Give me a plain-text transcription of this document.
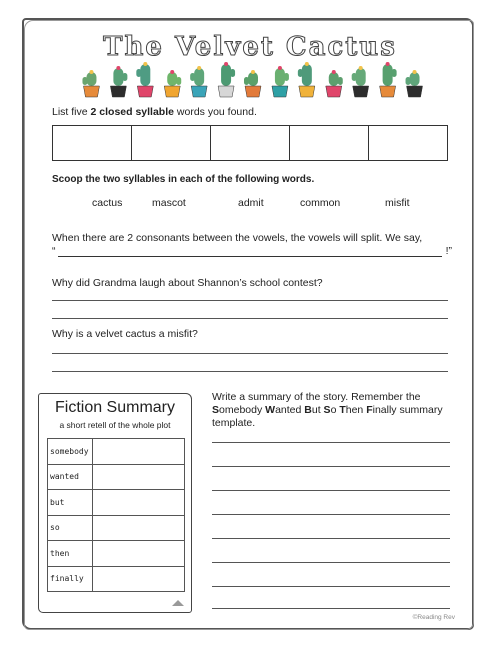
The Velvet Cactus
List five 2 closed syllable words you found.
Scoop the two syllables in each of the following words.
cactus	mascot	admit	common	misfit
When there are 2 consonants between the vowels, the vowels will split. We say,
“	!”
Why did Grandma laugh about Shannon’s school contest?
Why is a velvet cactus a misfit?
Fiction Summary
a short retell of the whole plot
somebody	
wanted	
but	
so	
then	
finally	
Write a summary of the story. Remember the Somebody Wanted But So Then Finally summary
template.
©Reading Rev
